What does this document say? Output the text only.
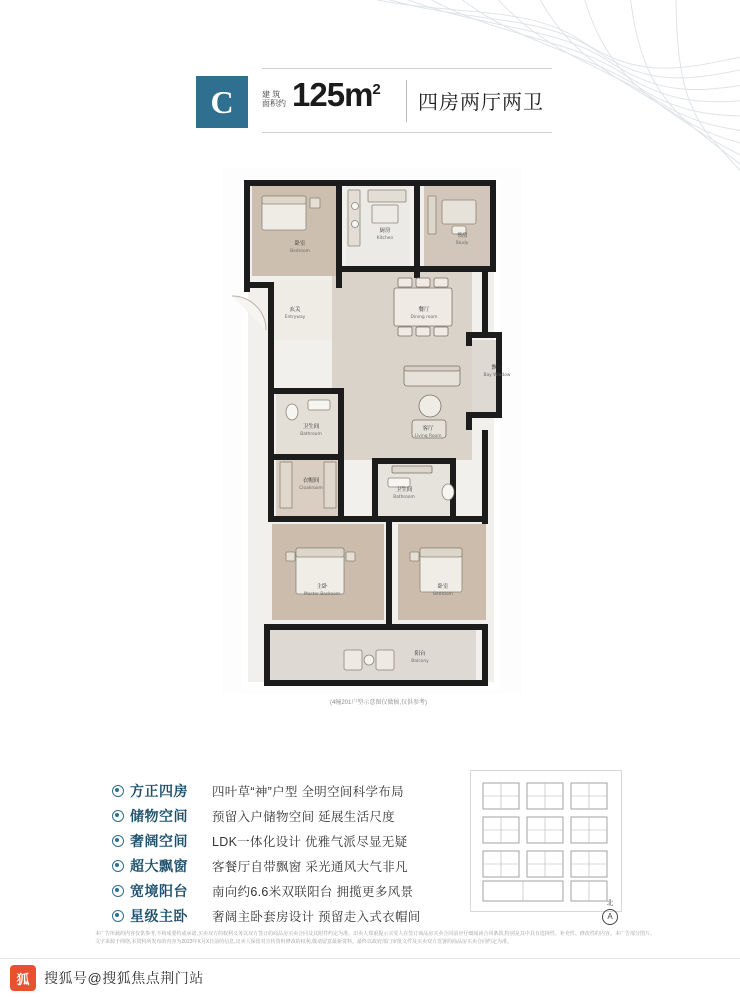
C	建 筑
面积约 $125m^2$
四房两厅两卫
卧室
Bedroom
厨房
Kitchen	书房
Study
玄关
Entryway
餐厅
Dining room
飘窗
Bay Window
卫生间
Bathroom
客厅
Living Room
衣帽间
Cloakroom	卫生间
Bathroom
主卧
Master Bedroom
卧室
Bedroom
阳台
Balcony
(4幢201户型示意图仅做稿,仅供参考)
方正四房	四叶草“神”户型 全明空间科学布局
储物空间	预留入户储物空间 延展生活尺度
奢阔空间	LDK一体化设计 优雅气派尽显无疑
超大飘窗	客餐厅自带飘窗 采光通风大气非凡
宽境阳台	南向约6.6米双联阳台 拥揽更多风景
星级主卧	奢阔主卧套房设计 预留走入式衣帽间
北
A
本广告所载的内容仅供参考,不构成要约或承诺,买卖双方的权利义务以双方签订的商品房买卖合同及其附件约定为准。出卖人郑重提示买受人在签订商品房买卖合同前应仔细阅读合同条款,特别是其中具有选择性、补充性、修改性的内容。本广告部分图片、文字来源于网络,本资料所发布的内容为2023年X月X日前的信息,出卖人保留对宣传资料修改的权利,敬请留意最新资料。最终以政府部门审批文件及买卖双方签署的商品房买卖合同约定为准。
狐	搜狐号@搜狐焦点荆门站
